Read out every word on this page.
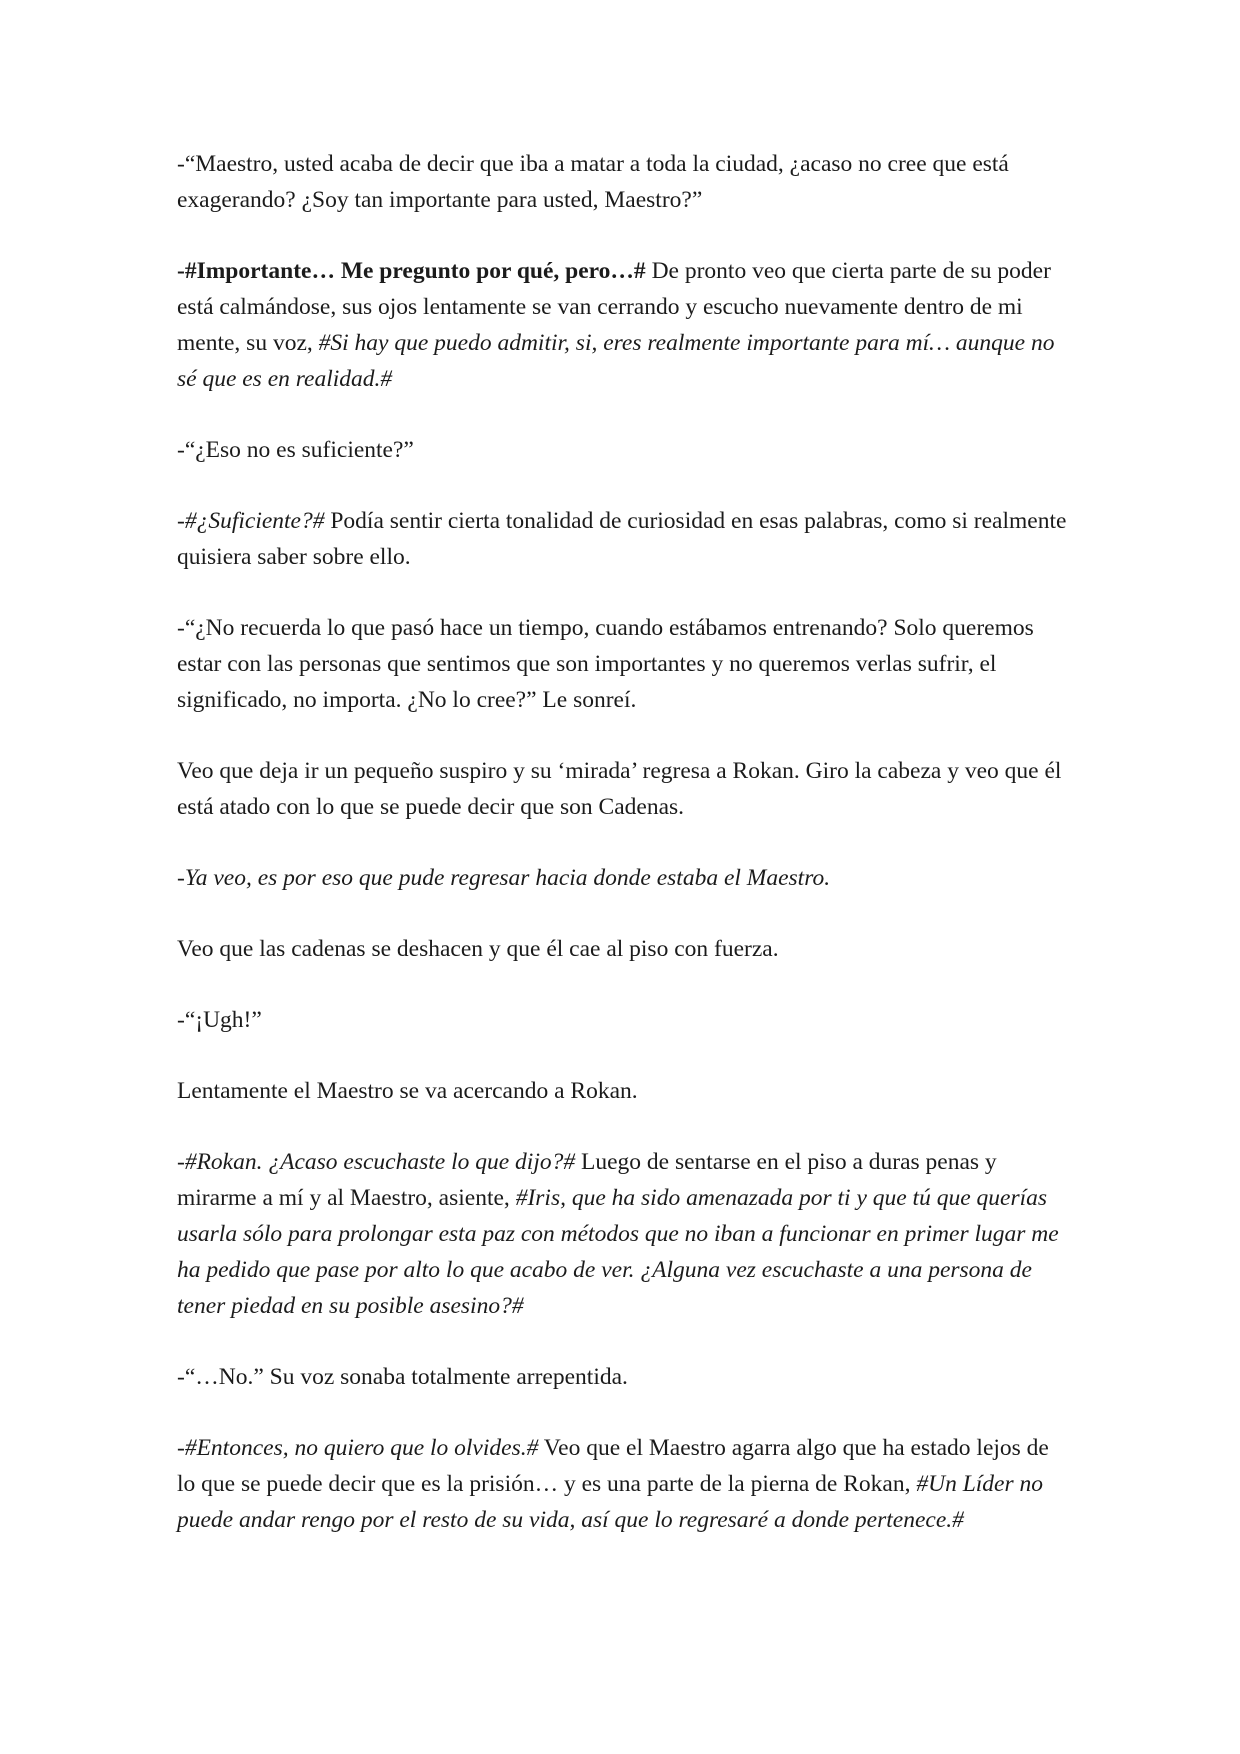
-“Maestro, usted acaba de decir que iba a matar a toda la ciudad, ¿acaso no cree que está exagerando? ¿Soy tan importante para usted, Maestro?”

-#Importante… Me pregunto por qué, pero…# De pronto veo que cierta parte de su poder está calmándose, sus ojos lentamente se van cerrando y escucho nuevamente dentro de mi mente, su voz, #Si hay que puedo admitir, si, eres realmente importante para mí… aunque no sé que es en realidad.#

-“¿Eso no es suficiente?”

-#¿Suficiente?# Podía sentir cierta tonalidad de curiosidad en esas palabras, como si realmente quisiera saber sobre ello.

-“¿No recuerda lo que pasó hace un tiempo, cuando estábamos entrenando? Solo queremos estar con las personas que sentimos que son importantes y no queremos verlas sufrir, el significado, no importa. ¿No lo cree?” Le sonreí.

Veo que deja ir un pequeño suspiro y su ‘mirada’ regresa a Rokan. Giro la cabeza y veo que él está atado con lo que se puede decir que son Cadenas.

-Ya veo, es por eso que pude regresar hacia donde estaba el Maestro.

Veo que las cadenas se deshacen y que él cae al piso con fuerza.

-“¡Ugh!”

Lentamente el Maestro se va acercando a Rokan.

-#Rokan. ¿Acaso escuchaste lo que dijo?# Luego de sentarse en el piso a duras penas y mirarme a mí y al Maestro, asiente, #Iris, que ha sido amenazada por ti y que tú que querías usarla sólo para prolongar esta paz con métodos que no iban a funcionar en primer lugar me ha pedido que pase por alto lo que acabo de ver. ¿Alguna vez escuchaste a una persona de tener piedad en su posible asesino?#

-“…No.” Su voz sonaba totalmente arrepentida.

-#Entonces, no quiero que lo olvides.# Veo que el Maestro agarra algo que ha estado lejos de lo que se puede decir que es la prisión… y es una parte de la pierna de Rokan, #Un Líder no puede andar rengo por el resto de su vida, así que lo regresaré a donde pertenece.#
